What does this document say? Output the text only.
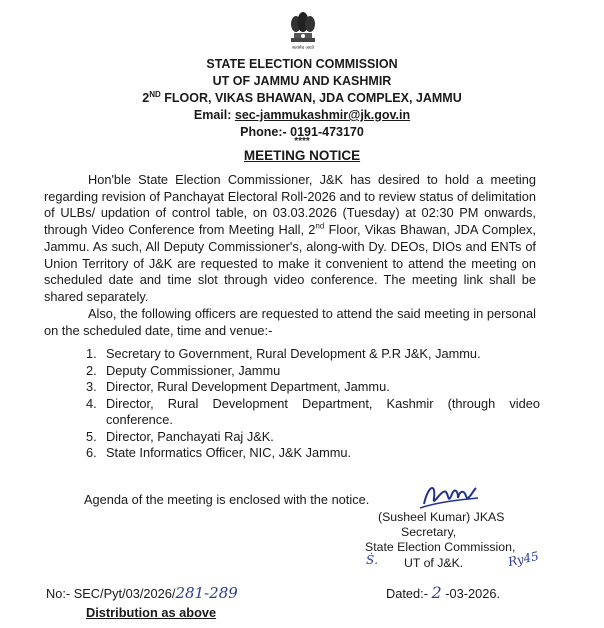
सत्यमेव जयते
STATE ELECTION COMMISSION
UT OF JAMMU AND KASHMIR
2ND FLOOR, VIKAS BHAWAN, JDA COMPLEX, JAMMU
Email: sec-jammukashmir@jk.gov.in
Phone:- 0191-473170
****
MEETING NOTICE
Hon'ble State Election Commissioner, J&K has desired to hold a meeting regarding revision of Panchayat Electoral Roll-2026 and to review status of delimitation of ULBs/ updation of control table, on 03.03.2026 (Tuesday) at 02:30 PM onwards, through Video Conference from Meeting Hall, 2nd Floor, Vikas Bhawan, JDA Complex, Jammu. As such, All Deputy Commissioner's, along-with Dy. DEOs, DIOs and ENTs of Union Territory of J&K are requested to make it convenient to attend the meeting on scheduled date and time slot through video conference. The meeting link shall be shared separately.
Also, the following officers are requested to attend the said meeting in personal on the scheduled date, time and venue:-
1. Secretary to Government, Rural Development & P.R J&K, Jammu.
2. Deputy Commissioner, Jammu
3. Director, Rural Development Department, Jammu.
4. Director, Rural Development Department, Kashmir (through video conference.
5. Director, Panchayati Raj J&K.
6. State Informatics Officer, NIC, J&K Jammu.
Agenda of the meeting is enclosed with the notice.
(Susheel Kumar) JKAS
Secretary,
State Election Commission,
Ṡ. UT of J&K.	Ry45
No:- SEC/Pyt/03/2026/281-289	Dated:- 2 -03-2026.
Distribution as above
